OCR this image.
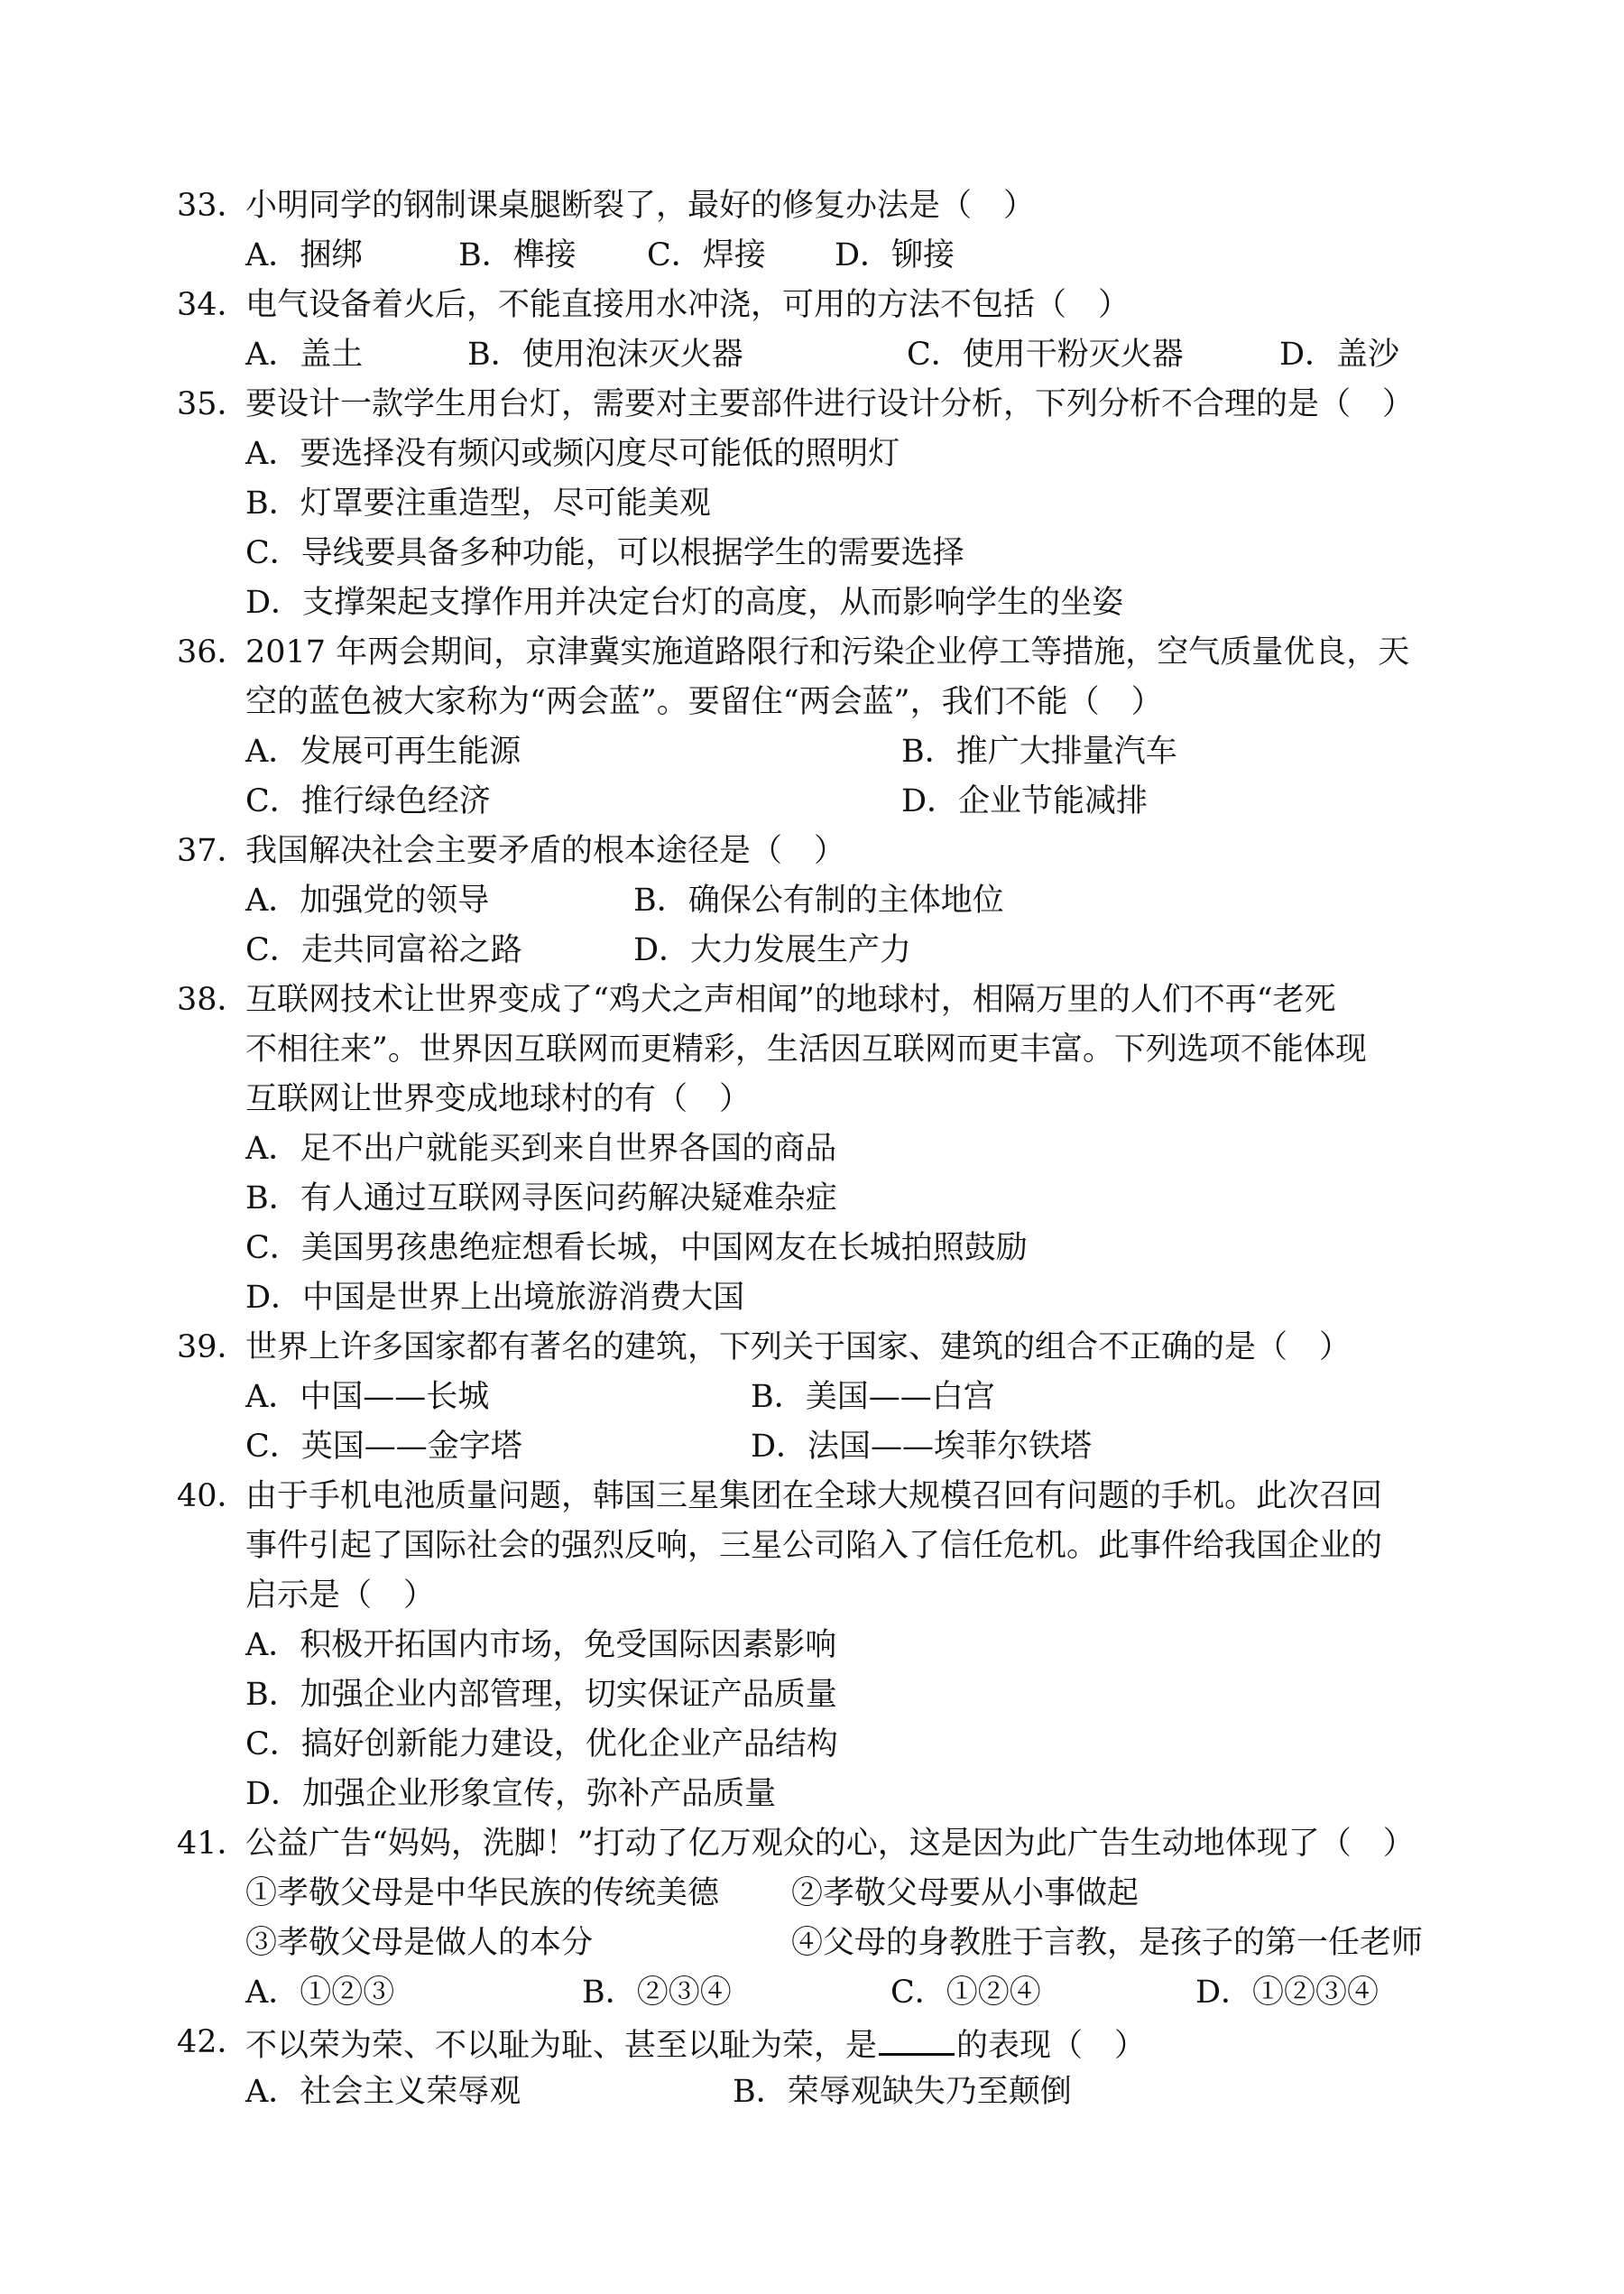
33．
小明同学的钢制课桌腿断裂了，最好的修复办法是（　）
A．捆绑	B．榫接 C．焊接 D．铆接
34．
电气设备着火后，不能直接用水冲浇，可用的方法不包括（　）
A．盖土	B．使用泡沫灭火器	C．使用干粉灭火器	D．盖沙
35．
要设计一款学生用台灯，需要对主要部件进行设计分析，下列分析不合理的是（　）
A．要选择没有频闪或频闪度尽可能低的照明灯
B．灯罩要注重造型，尽可能美观
C．导线要具备多种功能，可以根据学生的需要选择
D．支撑架起支撑作用并决定台灯的高度，从而影响学生的坐姿
36．
2017 年两会期间，京津冀实施道路限行和污染企业停工等措施，空气质量优良，天
空的蓝色被大家称为“两会蓝”。要留住“两会蓝”，我们不能（　）
A．发展可再生能源	B．推广大排量汽车
C．推行绿色经济	D．企业节能减排
37．
我国解决社会主要矛盾的根本途径是（　）
A．加强党的领导	B．确保公有制的主体地位
C．走共同富裕之路	D．大力发展生产力
38．
互联网技术让世界变成了“鸡犬之声相闻”的地球村，相隔万里的人们不再“老死
不相往来”。世界因互联网而更精彩，生活因互联网而更丰富。下列选项不能体现
互联网让世界变成地球村的有（　）
A．足不出户就能买到来自世界各国的商品
B．有人通过互联网寻医问药解决疑难杂症
C．美国男孩患绝症想看长城，中国网友在长城拍照鼓励
D．中国是世界上出境旅游消费大国
39．
世界上许多国家都有著名的建筑，下列关于国家、建筑的组合不正确的是（　）
A．中国——长城	B．美国——白宫
C．英国——金字塔	D．法国——埃菲尔铁塔
40．
由于手机电池质量问题，韩国三星集团在全球大规模召回有问题的手机。此次召回
事件引起了国际社会的强烈反响，三星公司陷入了信任危机。此事件给我国企业的
启示是（　）
A．积极开拓国内市场，免受国际因素影响
B．加强企业内部管理，切实保证产品质量
C．搞好创新能力建设，优化企业产品结构
D．加强企业形象宣传，弥补产品质量
41．
公益广告“妈妈，洗脚！”打动了亿万观众的心，这是因为此广告生动地体现了（　）
①孝敬父母是中华民族的传统美德 ②孝敬父母要从小事做起
③孝敬父母是做人的本分	④父母的身教胜于言教，是孩子的第一任老师
A．①②③	B．②③④	C．①②④	D．①②③④
42．
不以荣为荣、不以耻为耻、甚至以耻为荣，是	的表现（　）
A．社会主义荣辱观	B．荣辱观缺失乃至颠倒
